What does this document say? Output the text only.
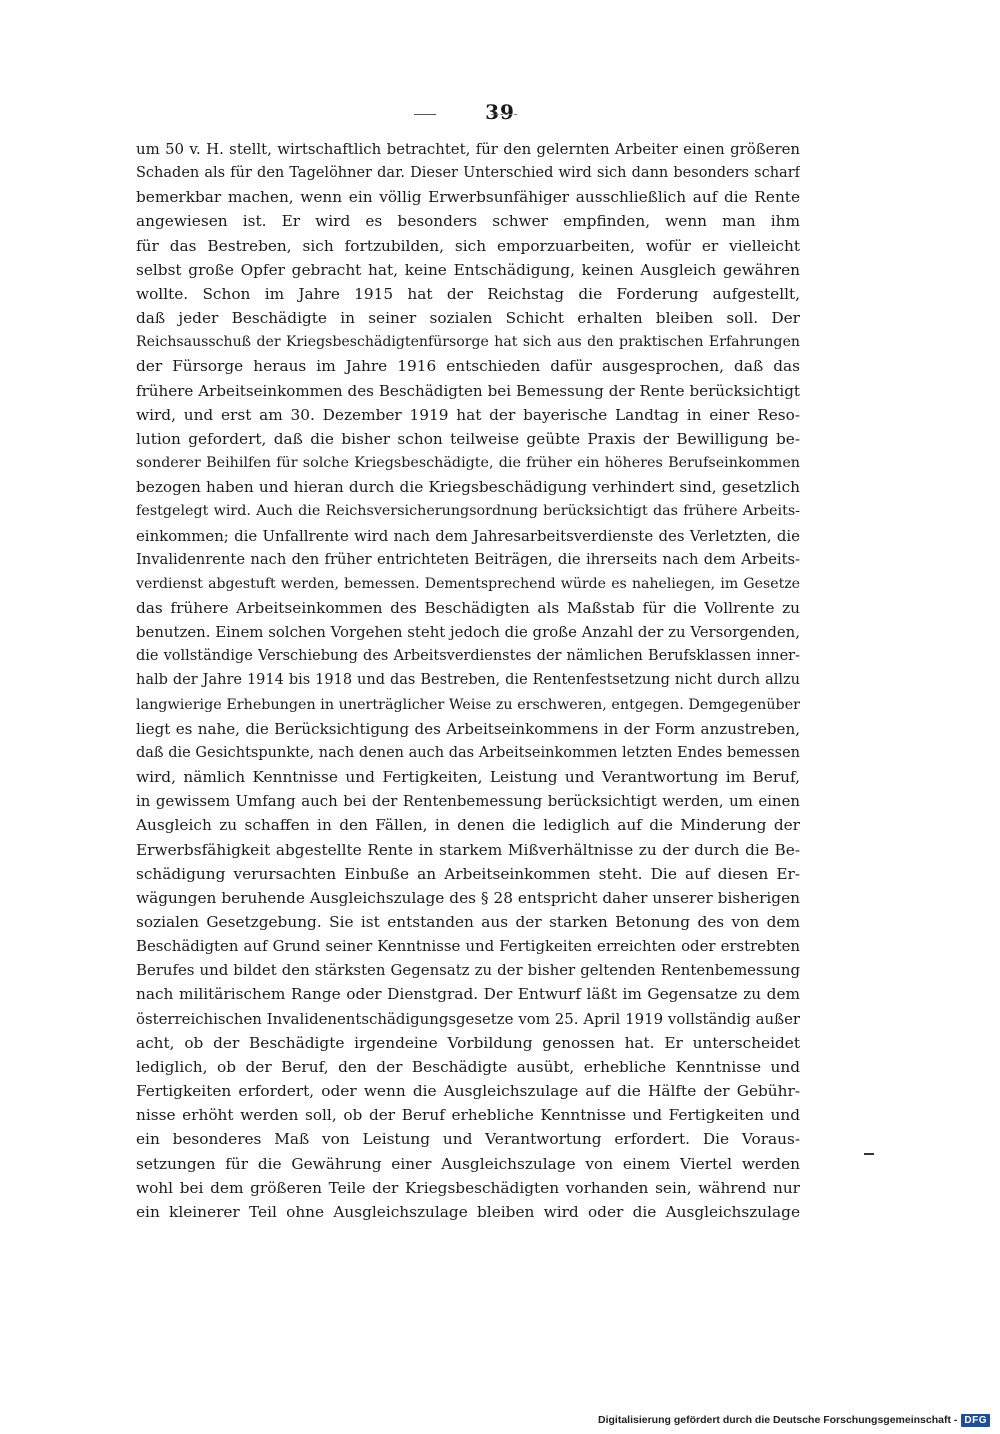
39
um 50 v. H. stellt, wirtschaftlich betrachtet, für den gelernten Arbeiter einen größeren
Schaden als für den Tagelöhner dar. Dieser Unterschied wird sich dann besonders scharf
bemerkbar machen, wenn ein völlig Erwerbsunfähiger ausschließlich auf die Rente
angewiesen ist. Er wird es besonders schwer empfinden, wenn man ihm
für das Bestreben, sich fortzubilden, sich emporzuarbeiten, wofür er vielleicht
selbst große Opfer gebracht hat, keine Entschädigung, keinen Ausgleich gewähren
wollte. Schon im Jahre 1915 hat der Reichstag die Forderung aufgestellt,
daß jeder Beschädigte in seiner sozialen Schicht erhalten bleiben soll. Der
Reichsausschuß der Kriegsbeschädigtenfürsorge hat sich aus den praktischen Erfahrungen
der Fürsorge heraus im Jahre 1916 entschieden dafür ausgesprochen, daß das
frühere Arbeitseinkommen des Beschädigten bei Bemessung der Rente berücksichtigt
wird, und erst am 30. Dezember 1919 hat der bayerische Landtag in einer Reso-
lution gefordert, daß die bisher schon teilweise geübte Praxis der Bewilligung be-
sonderer Beihilfen für solche Kriegsbeschädigte, die früher ein höheres Berufseinkommen
bezogen haben und hieran durch die Kriegsbeschädigung verhindert sind, gesetzlich
festgelegt wird. Auch die Reichsversicherungsordnung berücksichtigt das frühere Arbeits-
einkommen; die Unfallrente wird nach dem Jahresarbeitsverdienste des Verletzten, die
Invalidenrente nach den früher entrichteten Beiträgen, die ihrerseits nach dem Arbeits-
verdienst abgestuft werden, bemessen. Dementsprechend würde es naheliegen, im Gesetze
das frühere Arbeitseinkommen des Beschädigten als Maßstab für die Vollrente zu
benutzen. Einem solchen Vorgehen steht jedoch die große Anzahl der zu Versorgenden,
die vollständige Verschiebung des Arbeitsverdienstes der nämlichen Berufsklassen inner-
halb der Jahre 1914 bis 1918 und das Bestreben, die Rentenfestsetzung nicht durch allzu
langwierige Erhebungen in unerträglicher Weise zu erschweren, entgegen. Demgegenüber
liegt es nahe, die Berücksichtigung des Arbeitseinkommens in der Form anzustreben,
daß die Gesichtspunkte, nach denen auch das Arbeitseinkommen letzten Endes bemessen
wird, nämlich Kenntnisse und Fertigkeiten, Leistung und Verantwortung im Beruf,
in gewissem Umfang auch bei der Rentenbemessung berücksichtigt werden, um einen
Ausgleich zu schaffen in den Fällen, in denen die lediglich auf die Minderung der
Erwerbsfähigkeit abgestellte Rente in starkem Mißverhältnisse zu der durch die Be-
schädigung verursachten Einbuße an Arbeitseinkommen steht. Die auf diesen Er-
wägungen beruhende Ausgleichszulage des § 28 entspricht daher unserer bisherigen
sozialen Gesetzgebung. Sie ist entstanden aus der starken Betonung des von dem
Beschädigten auf Grund seiner Kenntnisse und Fertigkeiten erreichten oder erstrebten
Berufes und bildet den stärksten Gegensatz zu der bisher geltenden Rentenbemessung
nach militärischem Range oder Dienstgrad. Der Entwurf läßt im Gegensatze zu dem
österreichischen Invalidenentschädigungsgesetze vom 25. April 1919 vollständig außer
acht, ob der Beschädigte irgendeine Vorbildung genossen hat. Er unterscheidet
lediglich, ob der Beruf, den der Beschädigte ausübt, erhebliche Kenntnisse und
Fertigkeiten erfordert, oder wenn die Ausgleichszulage auf die Hälfte der Gebühr-
nisse erhöht werden soll, ob der Beruf erhebliche Kenntnisse und Fertigkeiten und
ein besonderes Maß von Leistung und Verantwortung erfordert. Die Voraus-
setzungen für die Gewährung einer Ausgleichszulage von einem Viertel werden
wohl bei dem größeren Teile der Kriegsbeschädigten vorhanden sein, während nur
ein kleinerer Teil ohne Ausgleichszulage bleiben wird oder die Ausgleichszulage
Digitalisierung gefördert durch die Deutsche Forschungsgemeinschaft - DFG
